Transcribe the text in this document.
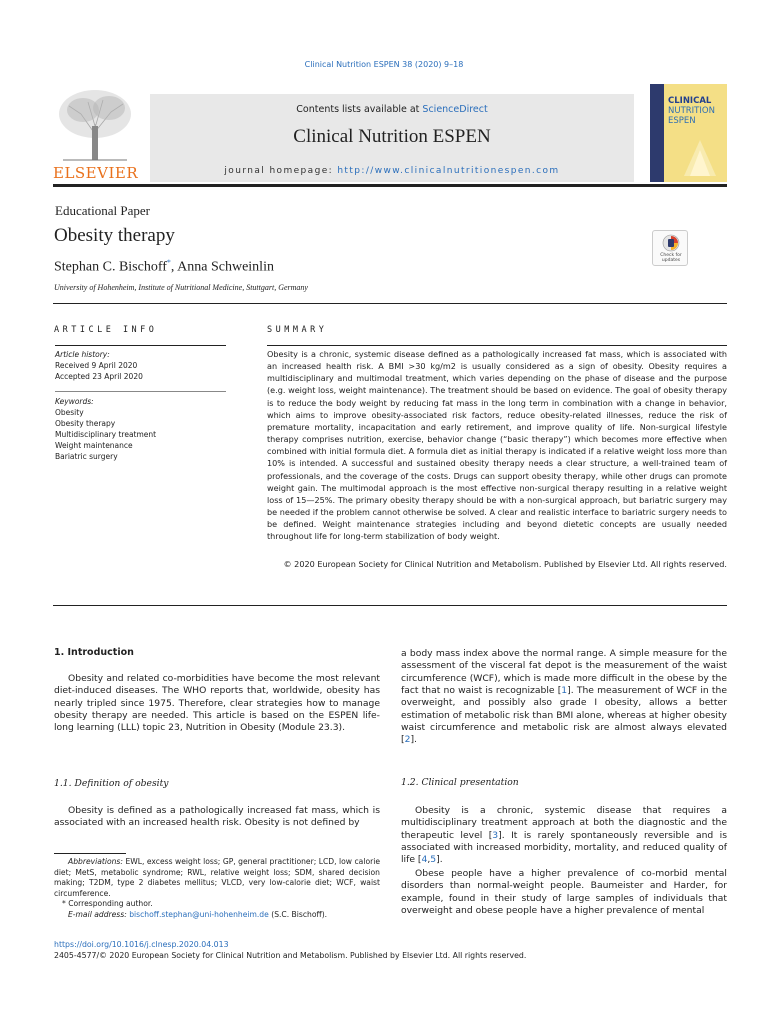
Clinical Nutrition ESPEN 38 (2020) 9–18
ELSEVIER
Contents lists available at ScienceDirect
Clinical Nutrition ESPEN
journal homepage: http://www.clinicalnutritionespen.com
CLINICAL
NUTRITION
ESPEN
Educational Paper
Obesity therapy
Stephan C. Bischoff*, Anna Schweinlin
University of Hohenheim, Institute of Nutritional Medicine, Stuttgart, Germany
Check for updates
ARTICLE INFO	SUMMARY
Article history:
Received 9 April 2020
Accepted 23 April 2020
Keywords:
Obesity
Obesity therapy
Multidisciplinary treatment
Weight maintenance
Bariatric surgery
Obesity is a chronic, systemic disease defined as a pathologically increased fat mass, which is associated with an increased health risk. A BMI >30 kg/m2 is usually considered as a sign of obesity. Obesity requires a multidisciplinary and multimodal treatment, which varies depending on the phase of disease and the purpose (e.g. weight loss, weight maintenance). The treatment should be based on evidence. The goal of obesity therapy is to reduce the body weight by reducing fat mass in the long term in combination with a change in behavior, which aims to improve obesity-associated risk factors, reduce obesity-related illnesses, reduce the risk of premature mortality, incapacitation and early retirement, and improve quality of life. Non-surgical lifestyle therapy comprises nutrition, exercise, behavior change (“basic therapy”) which becomes more effective when combined with initial formula diet. A formula diet as initial therapy is indicated if a relative weight loss more than 10% is intended. A successful and sustained obesity therapy needs a clear structure, a well-trained team of professionals, and the coverage of the costs. Drugs can support obesity therapy, while other drugs can promote weight gain. The multimodal approach is the most effective non-surgical therapy resulting in a relative weight loss of 15—25%. The primary obesity therapy should be with a non-surgical approach, but bariatric surgery may be needed if the problem cannot otherwise be solved. A clear and realistic interface to bariatric surgery needs to be defined. Weight maintenance strategies including and beyond dietetic concepts are usually needed throughout life for long-term stabilization of body weight.
© 2020 European Society for Clinical Nutrition and Metabolism. Published by Elsevier Ltd. All rights reserved.
1. Introduction
Obesity and related co-morbidities have become the most relevant diet-induced diseases. The WHO reports that, worldwide, obesity has nearly tripled since 1975. Therefore, clear strategies how to manage obesity therapy are needed. This article is based on the ESPEN life-long learning (LLL) topic 23, Nutrition in Obesity (Module 23.3).
1.1. Definition of obesity
Obesity is defined as a pathologically increased fat mass, which is associated with an increased health risk. Obesity is not defined by
a body mass index above the normal range. A simple measure for the assessment of the visceral fat depot is the measurement of the waist circumference (WCF), which is made more difficult in the obese by the fact that no waist is recognizable [1]. The measurement of WCF in the overweight, and possibly also grade I obesity, allows a better estimation of metabolic risk than BMI alone, whereas at higher obesity waist circumference and metabolic risk are almost always elevated [2].
1.2. Clinical presentation
Obesity is a chronic, systemic disease that requires a multidisciplinary treatment approach at both the diagnostic and the therapeutic level [3]. It is rarely spontaneously reversible and is associated with increased morbidity, mortality, and reduced quality of life [4,5].
Obese people have a higher prevalence of co-morbid mental disorders than normal-weight people. Baumeister and Harder, for example, found in their study of large samples of individuals that overweight and obese people have a higher prevalence of mental
Abbreviations: EWL, excess weight loss; GP, general practitioner; LCD, low calorie diet; MetS, metabolic syndrome; RWL, relative weight loss; SDM, shared decision making; T2DM, type 2 diabetes mellitus; VLCD, very low-calorie diet; WCF, waist circumference.
* Corresponding author.
E-mail address: bischoff.stephan@uni-hohenheim.de (S.C. Bischoff).
https://doi.org/10.1016/j.clnesp.2020.04.013
2405-4577/© 2020 European Society for Clinical Nutrition and Metabolism. Published by Elsevier Ltd. All rights reserved.
